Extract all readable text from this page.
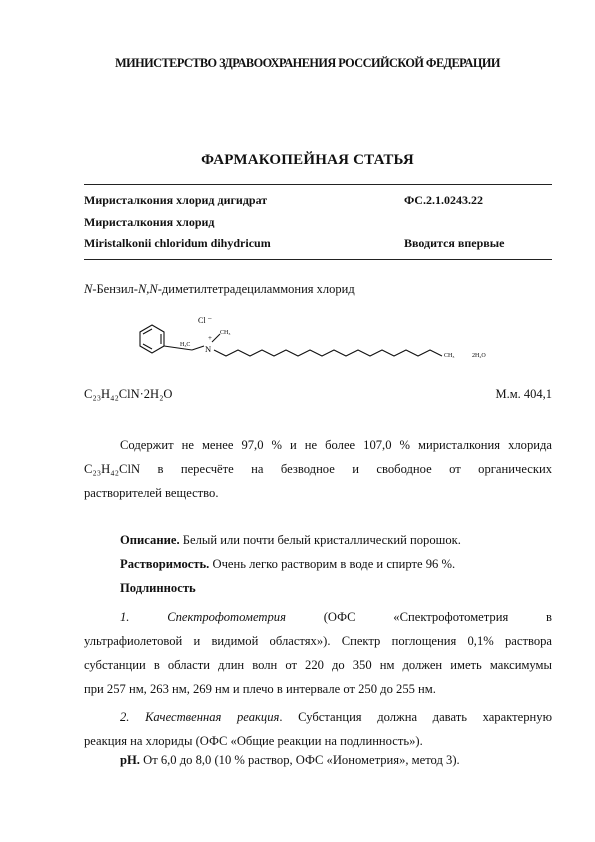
МИНИСТЕРСТВО ЗДРАВООХРАНЕНИЯ РОССИЙСКОЙ ФЕДЕРАЦИИ
ФАРМАКОПЕЙНАЯ СТАТЬЯ
Миристалкония хлорид дигидрат	ФС.2.1.0243.22
Миристалкония хлорид
Miristalkonii chloridum dihydricum	Вводится впервые
N-Бензил-N,N-диметилтетрадециламмония хлорид
Cl –
H₃C N
+
CH₃
CH₃	2H₂O
C₂₃H₄₂ClN·2H₂O	М.м. 404,1
Содержит не менее 97,0 % и не более 107,0 % миристалкония хлорида
C₂₃H₄₂ClN в пересчёте на безводное и свободное от органических
растворителей вещество.
Описание. Белый или почти белый кристаллический порошок.
Растворимость. Очень легко растворим в воде и спирте 96 %.
Подлинность
1. Спектрофотометрия	(ОФС «Спектрофотометрия в
ультрафиолетовой и видимой областях»). Спектр поглощения 0,1% раствора
субстанции в области длин волн от 220 до 350 нм должен иметь максимумы
при 257 нм, 263 нм, 269 нм и плечо в интервале от 250 до 255 нм.
2. Качественная реакция. Субстанция должна давать характерную
реакция на хлориды (ОФС «Общие реакции на подлинность»).
pH. От 6,0 до 8,0 (10 % раствор, ОФС «Ионометрия», метод 3).
